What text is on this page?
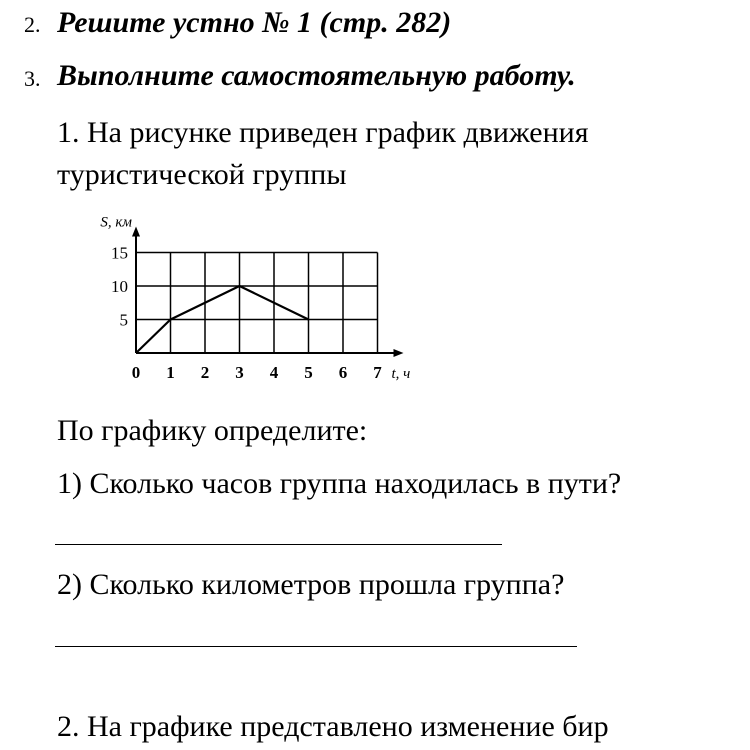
2. Решите устно № 1 (стр. 282)
3. Выполните самостоятельную работу.
1. На рисунке приведен график движения
туристической группы
0 1 2 3 4 5 6 7
5
10
15
t, ч
S, км
По графику определите:
1) Сколько часов группа находилась в пути?
2) Сколько километров прошла группа?
2. На графике представлено изменение бир
